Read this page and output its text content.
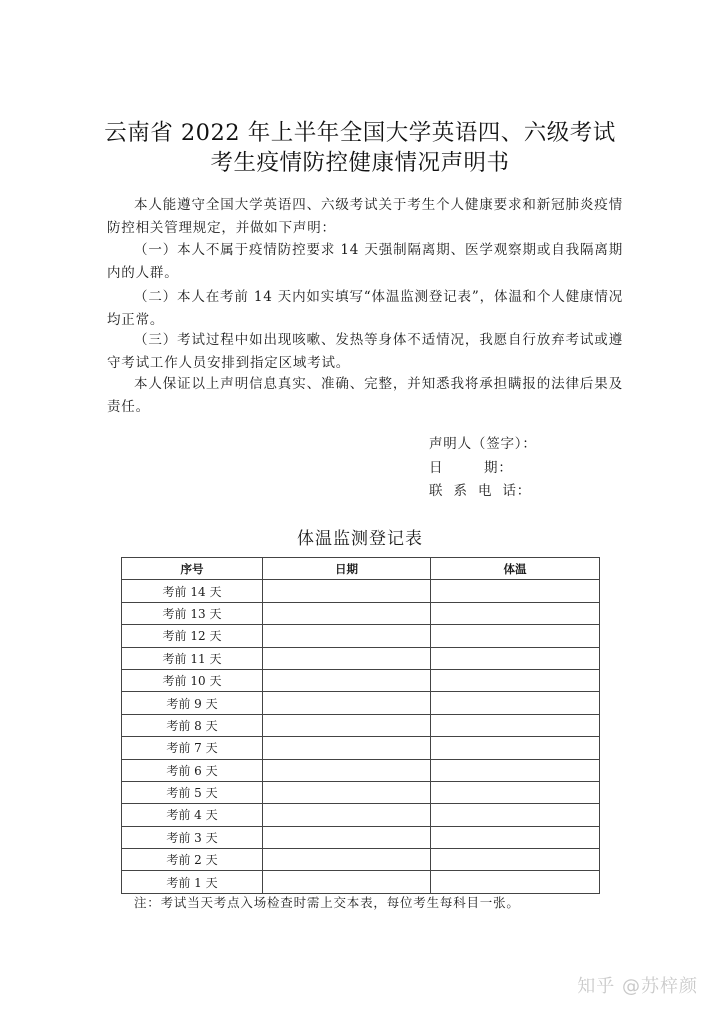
云南省 2022 年上半年全国大学英语四、六级考试
考生疫情防控健康情况声明书

本人能遵守全国大学英语四、六级考试关于考生个人健康要求和新冠肺炎疫情防控相关管理规定，并做如下声明：

（一）本人不属于疫情防控要求 14 天强制隔离期、医学观察期或自我隔离期内的人群。

（二）本人在考前 14 天内如实填写“体温监测登记表”，体温和个人健康情况均正常。

（三）考试过程中如出现咳嗽、发热等身体不适情况，我愿自行放弃考试或遵守考试工作人员安排到指定区域考试。

本人保证以上声明信息真实、准确、完整，并知悉我将承担瞒报的法律后果及责任。

声明人（签字）：
日        期：
联  系  电  话：
体温监测登记表
序号	日期	体温
考前 14 天		
考前 13 天		
考前 12 天		
考前 11 天		
考前 10 天		
考前 9 天		
考前 8 天		
考前 7 天		
考前 6 天		
考前 5 天		
考前 4 天		
考前 3 天		
考前 2 天		
考前 1 天		
注：考试当天考点入场检查时需上交本表，每位考生每科目一张。
知乎 @苏梓颜
